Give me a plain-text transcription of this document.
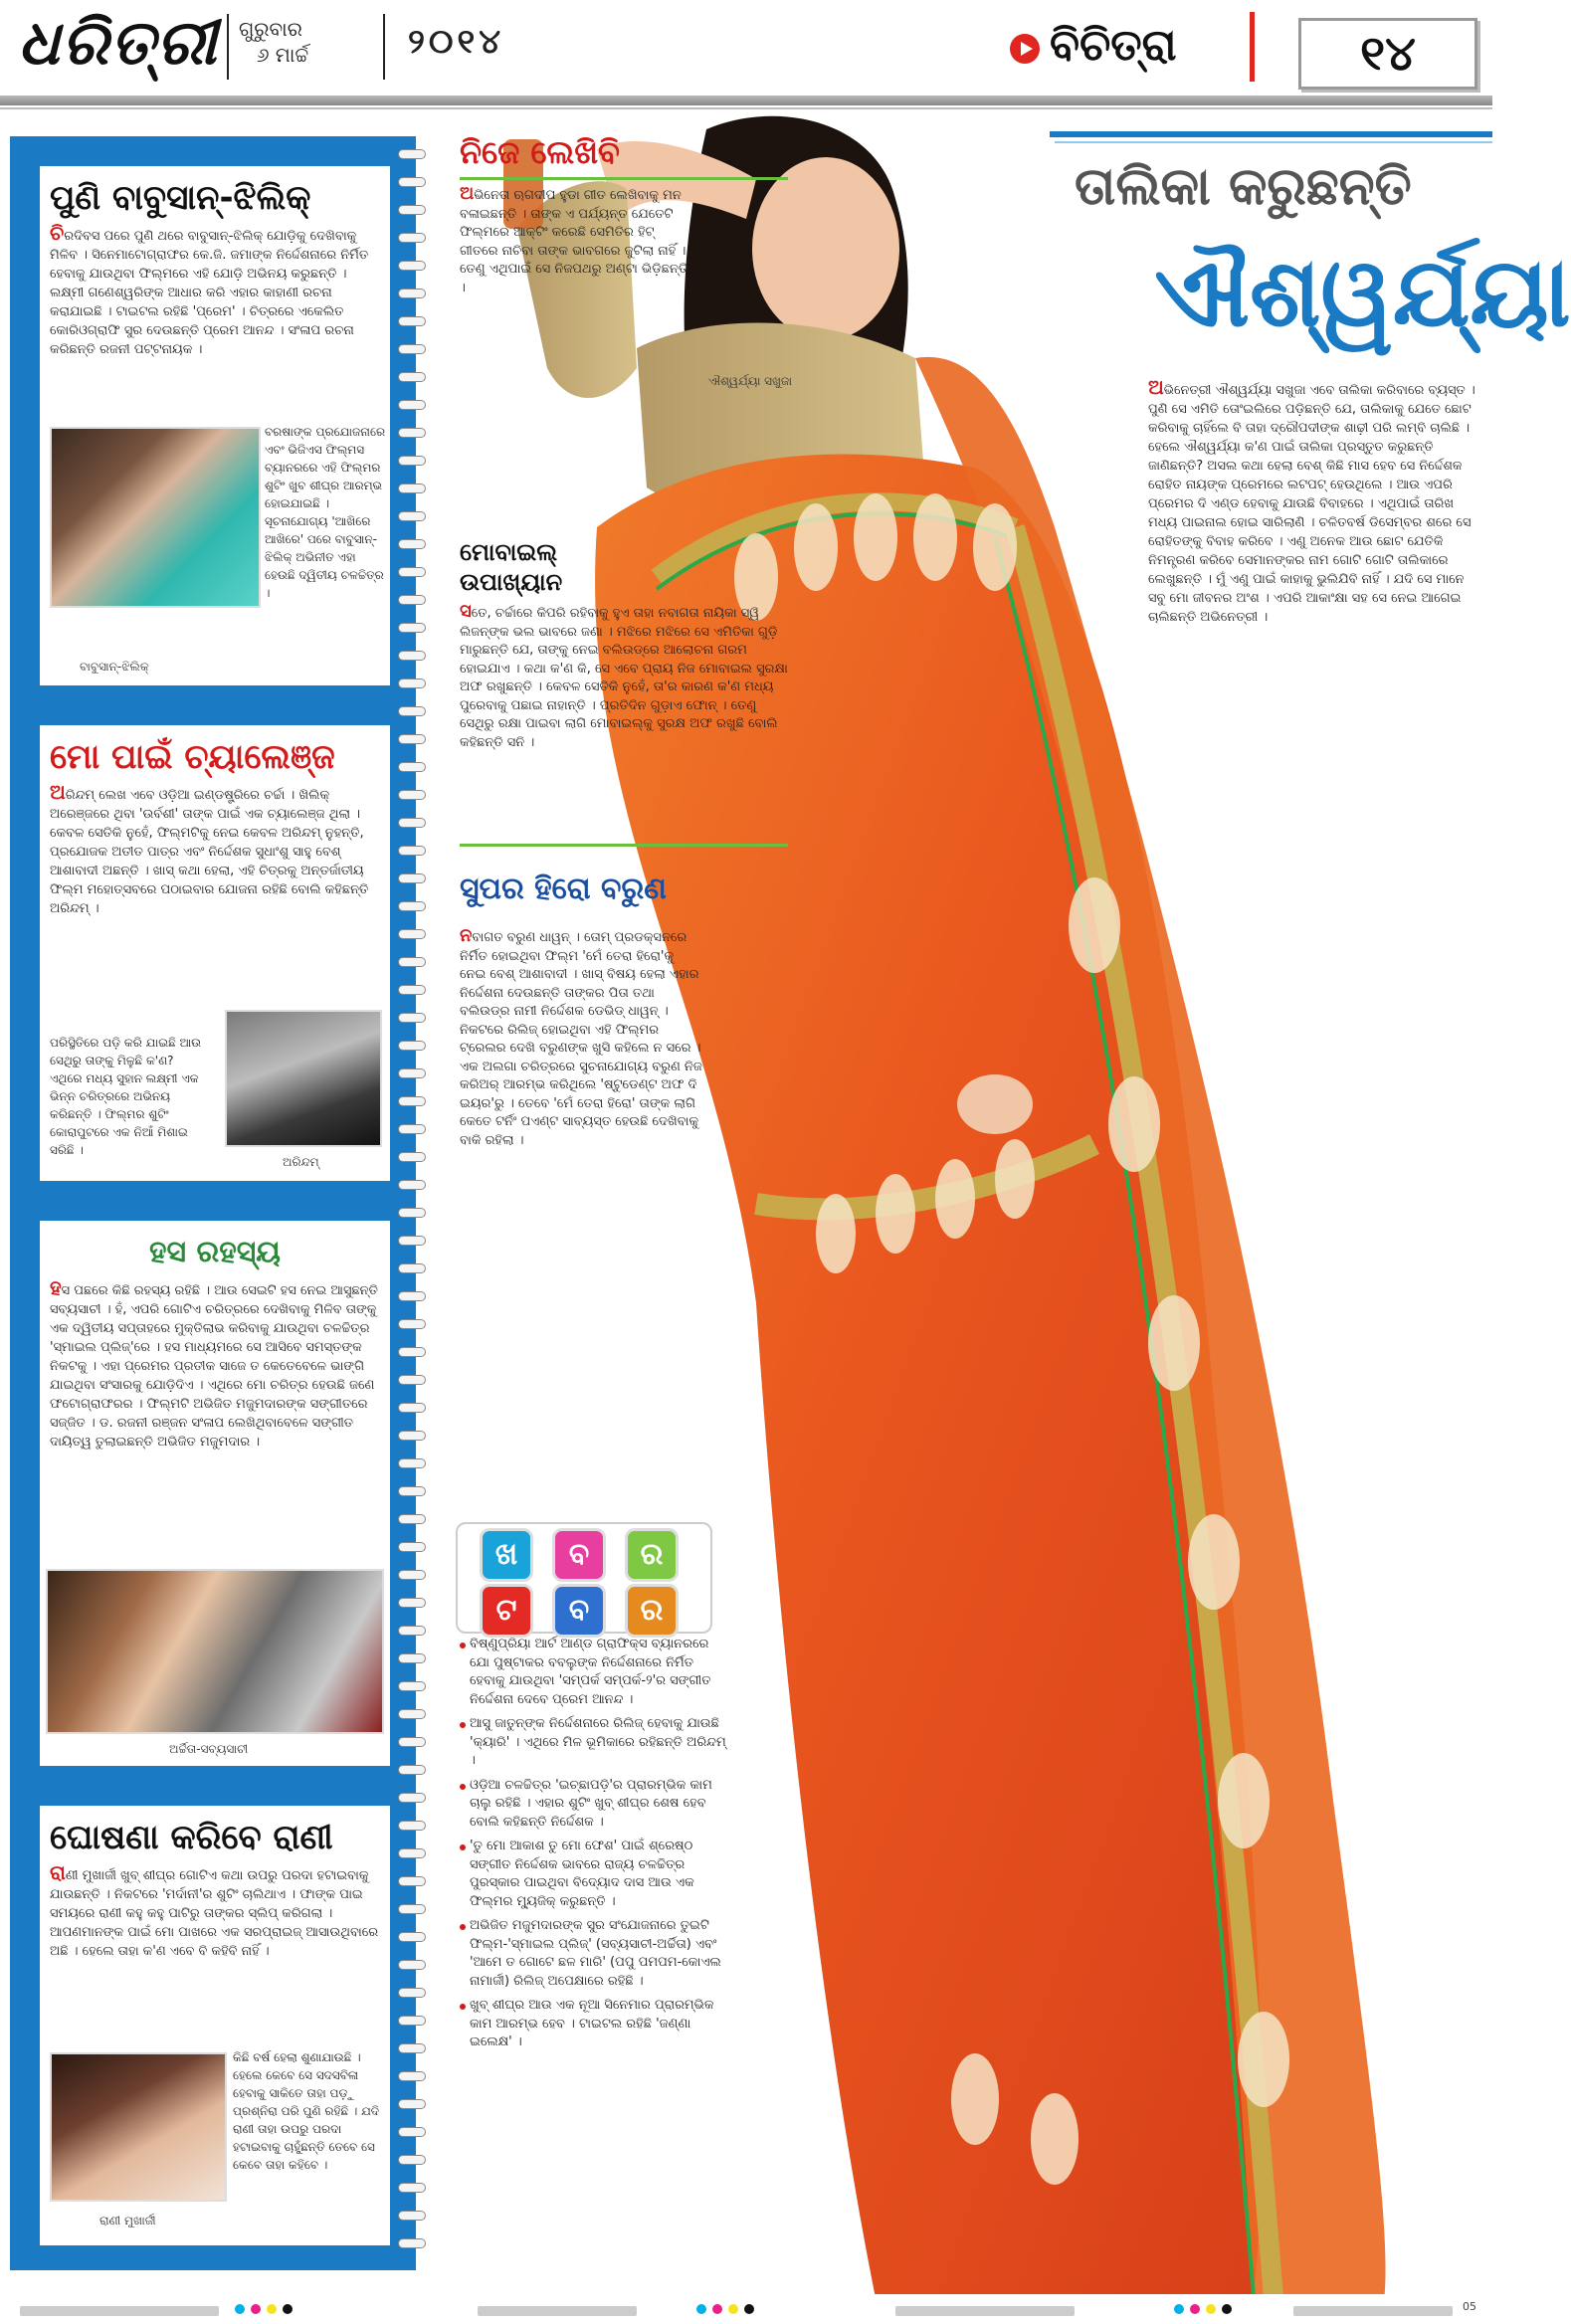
ଧରିତ୍ରୀ ଗୁରୁବାର
୬ ମାର୍ଚ୍ଚ	୨୦୧୪	ବିଚିତ୍ରା	୧୪
ପୁଣି ବାବୁସାନ୍-ଝିଲିକ୍
ଚିରଦିବସ ପରେ ପୁଣି ଥରେ ବାବୁସାନ୍-ଝିଲିକ୍ ଯୋଡ଼ିକୁ ଦେଖିବାକୁ ମିଳିବ । ସିନେମାଟୋଗ୍ରାଫର କେ.ଜି. ଜମାଙ୍କ ନିର୍ଦ୍ଦେଶନାରେ ନିର୍ମିତ ହେବାକୁ ଯାଉଥିବା ଫିଲ୍ମରେ ଏହି ଯୋଡ଼ି ଅଭିନୟ କରୁଛନ୍ତି । ଲକ୍ଷ୍ମୀ ଗଣେଶ୍ୱରିଙ୍କ ଆଧାର କରି ଏହାର କାହାଣୀ ରଚନା କରାଯାଇଛି । ଟାଇଟଲ ରହିଛି 'ପ୍ରେମ' । ଚିତ୍ରରେ ଏକେଲିତ କୋରିଓଗ୍ରାଫି ସୁର ଦେଉଛନ୍ତି ପ୍ରେମ ଆନନ୍ଦ । ସଂଳାପ ରଚନା କରିଛନ୍ତି ରଜନୀ ପଟ୍ଟନାୟକ ।
ବରଷାଙ୍କ ପ୍ରଯୋଜନାରେ ଏବଂ ଭିଜିଏସ ଫିଲ୍ମସ ବ୍ୟାନରରେ ଏହି ଫିଲ୍ମର ଶୁଟିଂ ଖୁବ ଶୀଘ୍ର ଆରମ୍ଭ ହୋଇଯାଇଛି । ସୂଚନାଯୋଗ୍ୟ 'ଆଖିରେ ଆଖିରେ' ପରେ ବାବୁସାନ୍-ଝିଲିକ୍ ଅଭିନୀତ ଏହା ହେଉଛି ଦ୍ୱିତୀୟ ଚଳଚ୍ଚିତ୍ର ।
ବାବୁସାନ୍-ଝିଲିକ୍
ମୋ ପାଇଁ ଚ୍ୟାଲେଞ୍ଜ
ଅରିନ୍ଦମ୍ ଲେଖ ଏବେ ଓଡ଼ିଆ ଇଣ୍ଡଷ୍ଟ୍ରିରେ ଚର୍ଚ୍ଚା । ଖିଲିକ୍ ଅରେଞ୍ଜରେ ଥିବା 'ଉର୍ବଶୀ' ତାଙ୍କ ପାଇଁ ଏକ ଚ୍ୟାଲେଞ୍ଜ ଥିଲା । କେବଳ ସେତିକି ନୁହେଁ, ଫିଲ୍ମଟିକୁ ନେଇ କେବଳ ଅରିନ୍ଦମ୍ ନୁହନ୍ତି, ପ୍ରଯୋଜକ ଅତୀତ ପାତ୍ର ଏବଂ ନିର୍ଦ୍ଦେଶକ ସୁଧାଂଶୁ ସାହୁ ବେଶ୍ ଆଶାବାଦୀ ଅଛନ୍ତି । ଖାସ୍ କଥା ହେଲା, ଏହି ଚିତ୍ରକୁ ଅନ୍ତର୍ଜାତୀୟ ଫିଲ୍ମ ମହୋତ୍ସବରେ ପଠାଇବାର ଯୋଜନା ରହିଛି ବୋଲି କହିଛନ୍ତି ଅରିନ୍ଦମ୍ ।
ପରିସ୍ଥିତିରେ ପଡ଼ି କରି ଯାଇଛି ଆଉ ସେଥିରୁ ତାଙ୍କୁ ମିଳୁଛି କ'ଣ? ଏଥିରେ ମଧ୍ୟ ସୁହାନ ଲକ୍ଷ୍ମୀ ଏକ ଭିନ୍ନ ଚରିତ୍ରରେ ଅଭିନୟ କରିଛନ୍ତି । ଫିଲ୍ମର ଶୁଟିଂ କୋରାପୁଟରେ ଏକ ନିଆଁ ମିଶାଇ ସରିଛି ।
ଅରିନ୍ଦମ୍
ହସ ରହସ୍ୟ
ହସ ପଛରେ କିଛି ରହସ୍ୟ ରହିଛି । ଆଉ ସେଇଟି ହସ ନେଇ ଆସୁଛନ୍ତି ସବ୍ୟସାଚୀ । ହଁ, ଏପରି ଗୋଟିଏ ଚରିତ୍ରରେ ଦେଖିବାକୁ ମିଳିବ ତାଙ୍କୁ ଏକ ଦ୍ୱିତୀୟ ସପ୍ତାହରେ ମୁକ୍ତିଲାଭ କରିବାକୁ ଯାଉଥିବା ଚଳଚ୍ଚିତ୍ର 'ସ୍ମାଇଲ ପ୍ଲିଜ୍'ରେ । ହସ ମାଧ୍ୟମରେ ସେ ଆସିବେ ସମସ୍ତଙ୍କ ନିକଟକୁ । ଏହା ପ୍ରେମର ପ୍ରତୀକ ସାଜେ ତ କେତେବେଳେ ଭାଙ୍ଗି ଯାଇଥିବା ସଂସାରକୁ ଯୋଡ଼ିଦିଏ । ଏଥିରେ ମୋ ଚରିତ୍ର ହେଉଛି ଜଣେ ଫଟୋଗ୍ରାଫରର । ଫିଲ୍ମଟି ଅଭିଜିତ ମଜୁମଦାରଙ୍କ ସଙ୍ଗୀତରେ ସଜ୍ଜିତ । ଡ. ରଜନୀ ରଞ୍ଜନ ସଂଳାପ ଲେଖିଥିବାବେଳେ ସଙ୍ଗୀତ ଦାୟିତ୍ୱ ତୁଲାଇଛନ୍ତି ଅଭିଜିତ ମଜୁମଦାର ।
ଅର୍ଚ୍ଚିତା-ସବ୍ୟସାଚୀ
ଘୋଷଣା କରିବେ ରାଣୀ
ରାଣୀ ମୁଖାର୍ଜୀ ଖୁବ୍ ଶୀଘ୍ର ଗୋଟିଏ କଥା ଉପରୁ ପରଦା ହଟାଇବାକୁ ଯାଉଛନ୍ତି । ନିକଟରେ 'ମର୍ଦାନୀ'ର ଶୁଟିଂ ଚାଲିଥାଏ । ଫାଙ୍କ ପାଇ ସମୟରେ ରାଣୀ କହୁ କହୁ ପାଟିରୁ ତାଙ୍କର ସ୍ଲିପ୍ କରିଗଲା । ଆପଣମାନଙ୍କ ପାଇଁ ମୋ ପାଖରେ ଏକ ସରପ୍ରାଇଜ୍ ଆସାଉଥିବାରେ ଅଛି । ହେଲେ ତାହା କ'ଣ ଏବେ ବି କହିବି ନାହିଁ ।
କିଛି ବର୍ଷ ହେଲା ଶୁଣାଯାଉଛି । ହେଲେ କେବେ ସେ ସଦସବିଳା ହେବାକୁ ସାକିତେ ତାହା ପଡ଼ୁ ପ୍ରଶ୍ନିରା ପରି ପୁଣି ରହିଛି । ଯଦି ରାଣୀ ତାହା ଉପରୁ ପରଦା ହଟାଇବାକୁ ଚାହୁଁଛନ୍ତି ତେବେ ସେ କେବେ ତାହା କହିବେ ।
ରାଣୀ ମୁଖାର୍ଜୀ
ତାଲିକା କରୁଛନ୍ତି
ଐଶ୍ୱର୍ଯ୍ୟା
ଅଭିନେତ୍ରୀ ଐଶ୍ୱର୍ଯ୍ୟା ସଖୁଜା ଏବେ ତାଲିକା କରିବାରେ ବ୍ୟସ୍ତ । ପୁଣି ସେ ଏମିତି ତୋଂଇଲିରେ ପଡ଼ିଛନ୍ତି ଯେ, ତାଲିକାକୁ ଯେତେ ଛୋଟ କରିବାକୁ ଚାହିଁଲେ ବି ତାହା ଦ୍ରୌପଦୀଙ୍କ ଶାଢ଼ୀ ପରି ଲମ୍ବି ଚାଲିଛି । ହେଲେ ଐଶ୍ୱର୍ଯ୍ୟା କ'ଣ ପାଇଁ ତାଲିକା ପ୍ରସ୍ତୁତ କରୁଛନ୍ତି ଜାଣିଛନ୍ତି? ଅସଲ କଥା ହେଲା ବେଶ୍ କିଛି ମାସ ହେବ ସେ ନିର୍ଦ୍ଦେଶକ ରୋହିତ ନାୟଙ୍କ ପ୍ରେମରେ ଲଟପଟ୍ ହେଉଥିଲେ । ଆଉ ଏପରି ପ୍ରେମର ଦି ଏଣ୍ଡ ହେବାକୁ ଯାଉଛି ବିବାହରେ । ଏଥିପାଇଁ ତାରିଖ ମଧ୍ୟ ପାଇନାଲ ହୋଇ ସାରିଲାଣି । ଚଳିତବର୍ଷ ଡିସେମ୍ବର ଶରେ ସେ ରୋହିତଙ୍କୁ ବିବାହ କରିବେ । ଏଣୁ ଅନେକ ଆଉ ଛୋଟ ଯେତିକି ନିମନ୍ତ୍ରଣ କରିବେ ସେମାନଙ୍କର ନାମ ଗୋଟି ଗୋଟି ତାଲିକାରେ ଲେଖୁଛନ୍ତି । ମୁଁ ଏଣୁ ପାଇଁ କାହାକୁ ଭୁଲିଯିବି ନାହିଁ । ଯଦି ସେ ମାନେ ସବୁ ମୋ ଜୀବନର ଅଂଶ । ଏପରି ଆକାଂକ୍ଷା ସହ ସେ ନେଇ ଆଗେଇ ଚାଲିଛନ୍ତି ଅଭିନେତ୍ରୀ ।
ନିଜେ ଲେଖିବି
ଅଭିନେତା ଋଗଦୀପ ହୁଡା ଗୀତ ଲେଖିବାକୁ ମନ ବଳାଇଛନ୍ତି । ତାଙ୍କ ଏ ପର୍ଯ୍ୟନ୍ତ ଯେତେଟି ଫିଲ୍ମରେ ଆକ୍ଟିଂ କରେଛି ସେମିତିର ହିଟ୍ ଗୀତରେ ନାଚିବା ତାଙ୍କ ଭାବଗରେ ଜୁଟିଲା ନାହିଁ । ତେଣୁ ଏଥିପାଇଁ ସେ ନିଜପଥରୁ ଅଣ୍ଟା ଭିଡ଼ିଛନ୍ତି ।
ଐଶ୍ୱର୍ଯ୍ୟା ସଖୁଜା
ମୋବାଇଲ୍ ଉପାଖ୍ୟାନ
ସତେ, ଚର୍ଚ୍ଚାରେ କିପରି ରହିବାକୁ ହୁଏ ତାହା ନବାଗତା ନାୟିକା ସ୍ୱି ଲିଜନ୍ଙ୍କ ଭଲ ଭାବରେ ଜଣା । ମଝିରେ ମଝିରେ ସେ ଏମିତିକା ଗୁଡ଼ି ମାରୁଛନ୍ତି ଯେ, ତାଙ୍କୁ ନେଇ ବଲିଉଡ୍ରେ ଆଲୋଚନା ଗରମ ହୋଇଯାଏ । କଥା କ'ଣ କି, ସେ ଏବେ ପ୍ରାୟ ନିଜ ମୋବାଇଲ ସୁରକ୍ଷା ଅଫ ରଖୁଛନ୍ତି । କେବଳ ସେତିକି ନୁହେଁ, ତା'ର କାରଣ କ'ଣ ମଧ୍ୟ ପୁରେବାକୁ ପଛାଇ ନାହାନ୍ତି । ପ୍ରତିଦିନ ଗୁଡ଼ାଏ ଫୋନ୍ । ତେଣୁ ସେଥିରୁ ରକ୍ଷା ପାଇବା ଲାଗି ମୋବାଇଲ୍କୁ ସୁରକ୍ଷ ଅଫ ରଖୁଛି ବୋଲି କହିଛନ୍ତି ସନି ।
ସୁପର ହିରୋ ବରୁଣ
ନବାଗତ ବରୁଣ ଧାୱନ୍ । ତୋମ୍ ପ୍ରଡକ୍ସନରେ ନିର୍ମିତ ହୋଇଥିବା ଫିଲ୍ମ 'ମେଁ ତେରା ହିରୋ'କୁ ନେଇ ବେଶ୍ ଆଶାବାଦୀ । ଖାସ୍ ବିଷୟ ହେଲା ଏହାର ନିର୍ଦ୍ଦେଶନା ଦେଉଛନ୍ତି ତାଙ୍କର ପିତା ତଥା ବଲିଉଡ୍ର ନାମୀ ନିର୍ଦ୍ଦେଶକ ଡେଭିଡ୍ ଧାୱନ୍ । ନିକଟରେ ରିଲିଜ୍ ହୋଇଥିବା ଏହି ଫିଲ୍ମର ଟ୍ରେଲର ଦେଖି ବରୁଣଙ୍କ ଖୁସି କହିଲେ ନ ସରେ । ଏକ ଅଲଗା ଚରିତ୍ରରେ ସୁଚନାଯୋଗ୍ୟ ବରୁଣ ନିଜ କରିଅର୍ ଆରମ୍ଭ କରିଥିଲେ 'ଷ୍ଟୁଡେଣ୍ଟ ଅଫ ଦି ଇୟର'ରୁ । ତେବେ 'ମେଁ ତେରା ହିରୋ' ତାଙ୍କ ଲାଗି କେତେ ଟର୍ନିଂ ପଏଣ୍ଟ ସାବ୍ୟସ୍ତ ହେଉଛି ଦେଖିବାକୁ ବାକି ରହିଲା ।
ଖ	ବ	ର
ଟ	ବ	ର

ବିଷ୍ଣୁପ୍ରିୟା ଆର୍ଟ ଆଣ୍ଡ ଗ୍ରାଫିକ୍ସ ବ୍ୟାନରରେ ଯୋ ପୁଷ୍ଟାକର ବବଲୁଙ୍କ ନିର୍ଦ୍ଦେଶନାରେ ନିର୍ମିତ ହେବାକୁ ଯାଉଥିବା 'ସମ୍ପର୍କ ସମ୍ପର୍କ-୨'ର ସଙ୍ଗୀତ ନିର୍ଦ୍ଦେଶନା ଦେବେ ପ୍ରେମ ଆନନ୍ଦ ।

ଆସୁ ଜାତୁନ୍ଙ୍କ ନିର୍ଦ୍ଦେଶନାରେ ରିଲିଜ୍ ହେବାକୁ ଯାଉଛି 'କ୍ୟାରି' । ଏଥିରେ ମିଳ ଭୂମିକାରେ ରହିଛନ୍ତି ଅରିନ୍ଦମ୍ ।

ଓଡ଼ିଆ ଚଳଚ୍ଚିତ୍ର 'ଇଚ୍ଛାପଡ଼ି'ର ପ୍ରାରମ୍ଭିକ କାମ ଚାଲୁ ରହିଛି । ଏହାର ଶୁଟିଂ ଖୁବ୍ ଶୀଘ୍ର ଶେଷ ହେବ ବୋଲି କହିଛନ୍ତି ନିର୍ଦ୍ଦେଶକ ।

'ତୁ ମୋ ଆକାଶ ତୁ ମୋ ଫେଶ' ପାଇଁ ଶ୍ରେଷ୍ଠ ସଙ୍ଗୀତ ନିର୍ଦ୍ଦେଶକ ଭାବରେ ରାଜ୍ୟ ଚଳଚ୍ଚିତ୍ର ପୁରସ୍କାର ପାଇଥିବା ବିଦ୍ୟୋଦ ଦାସ ଆଉ ଏକ ଫିଲ୍ମର ମ୍ୟୁଜିକ୍ କରୁଛନ୍ତି ।

ଅଭିଜିତ ମଜୁମଦାରଙ୍କ ସୁର ସଂଯୋଜନାରେ ତୁଇଟି ଫିଲ୍ମ-'ସ୍ମାଇଲ ପ୍ଲିଜ୍' (ସବ୍ୟସାଚୀ-ଅର୍ଚ୍ଚିତା) ଏବଂ 'ଆମେ ତ ଗୋଟେ ଛଳ ମାରି' (ପପୁ ପମପମ-କୋଏଲ ନାମାର୍ଜୀ) ରିଲିଜ୍ ଅପେକ୍ଷାରେ ରହିଛି ।

ଖୁବ୍ ଶୀଘ୍ର ଆଉ ଏକ ନୂଆ ସିନେମାର ପ୍ରାରମ୍ଭିକ କାମ ଆରମ୍ଭ ହେବ । ଟାଇଟଲ ରହିଛି 'ଜଣ୍ଣା ଇଲେକ୍ଷ' ।

05
